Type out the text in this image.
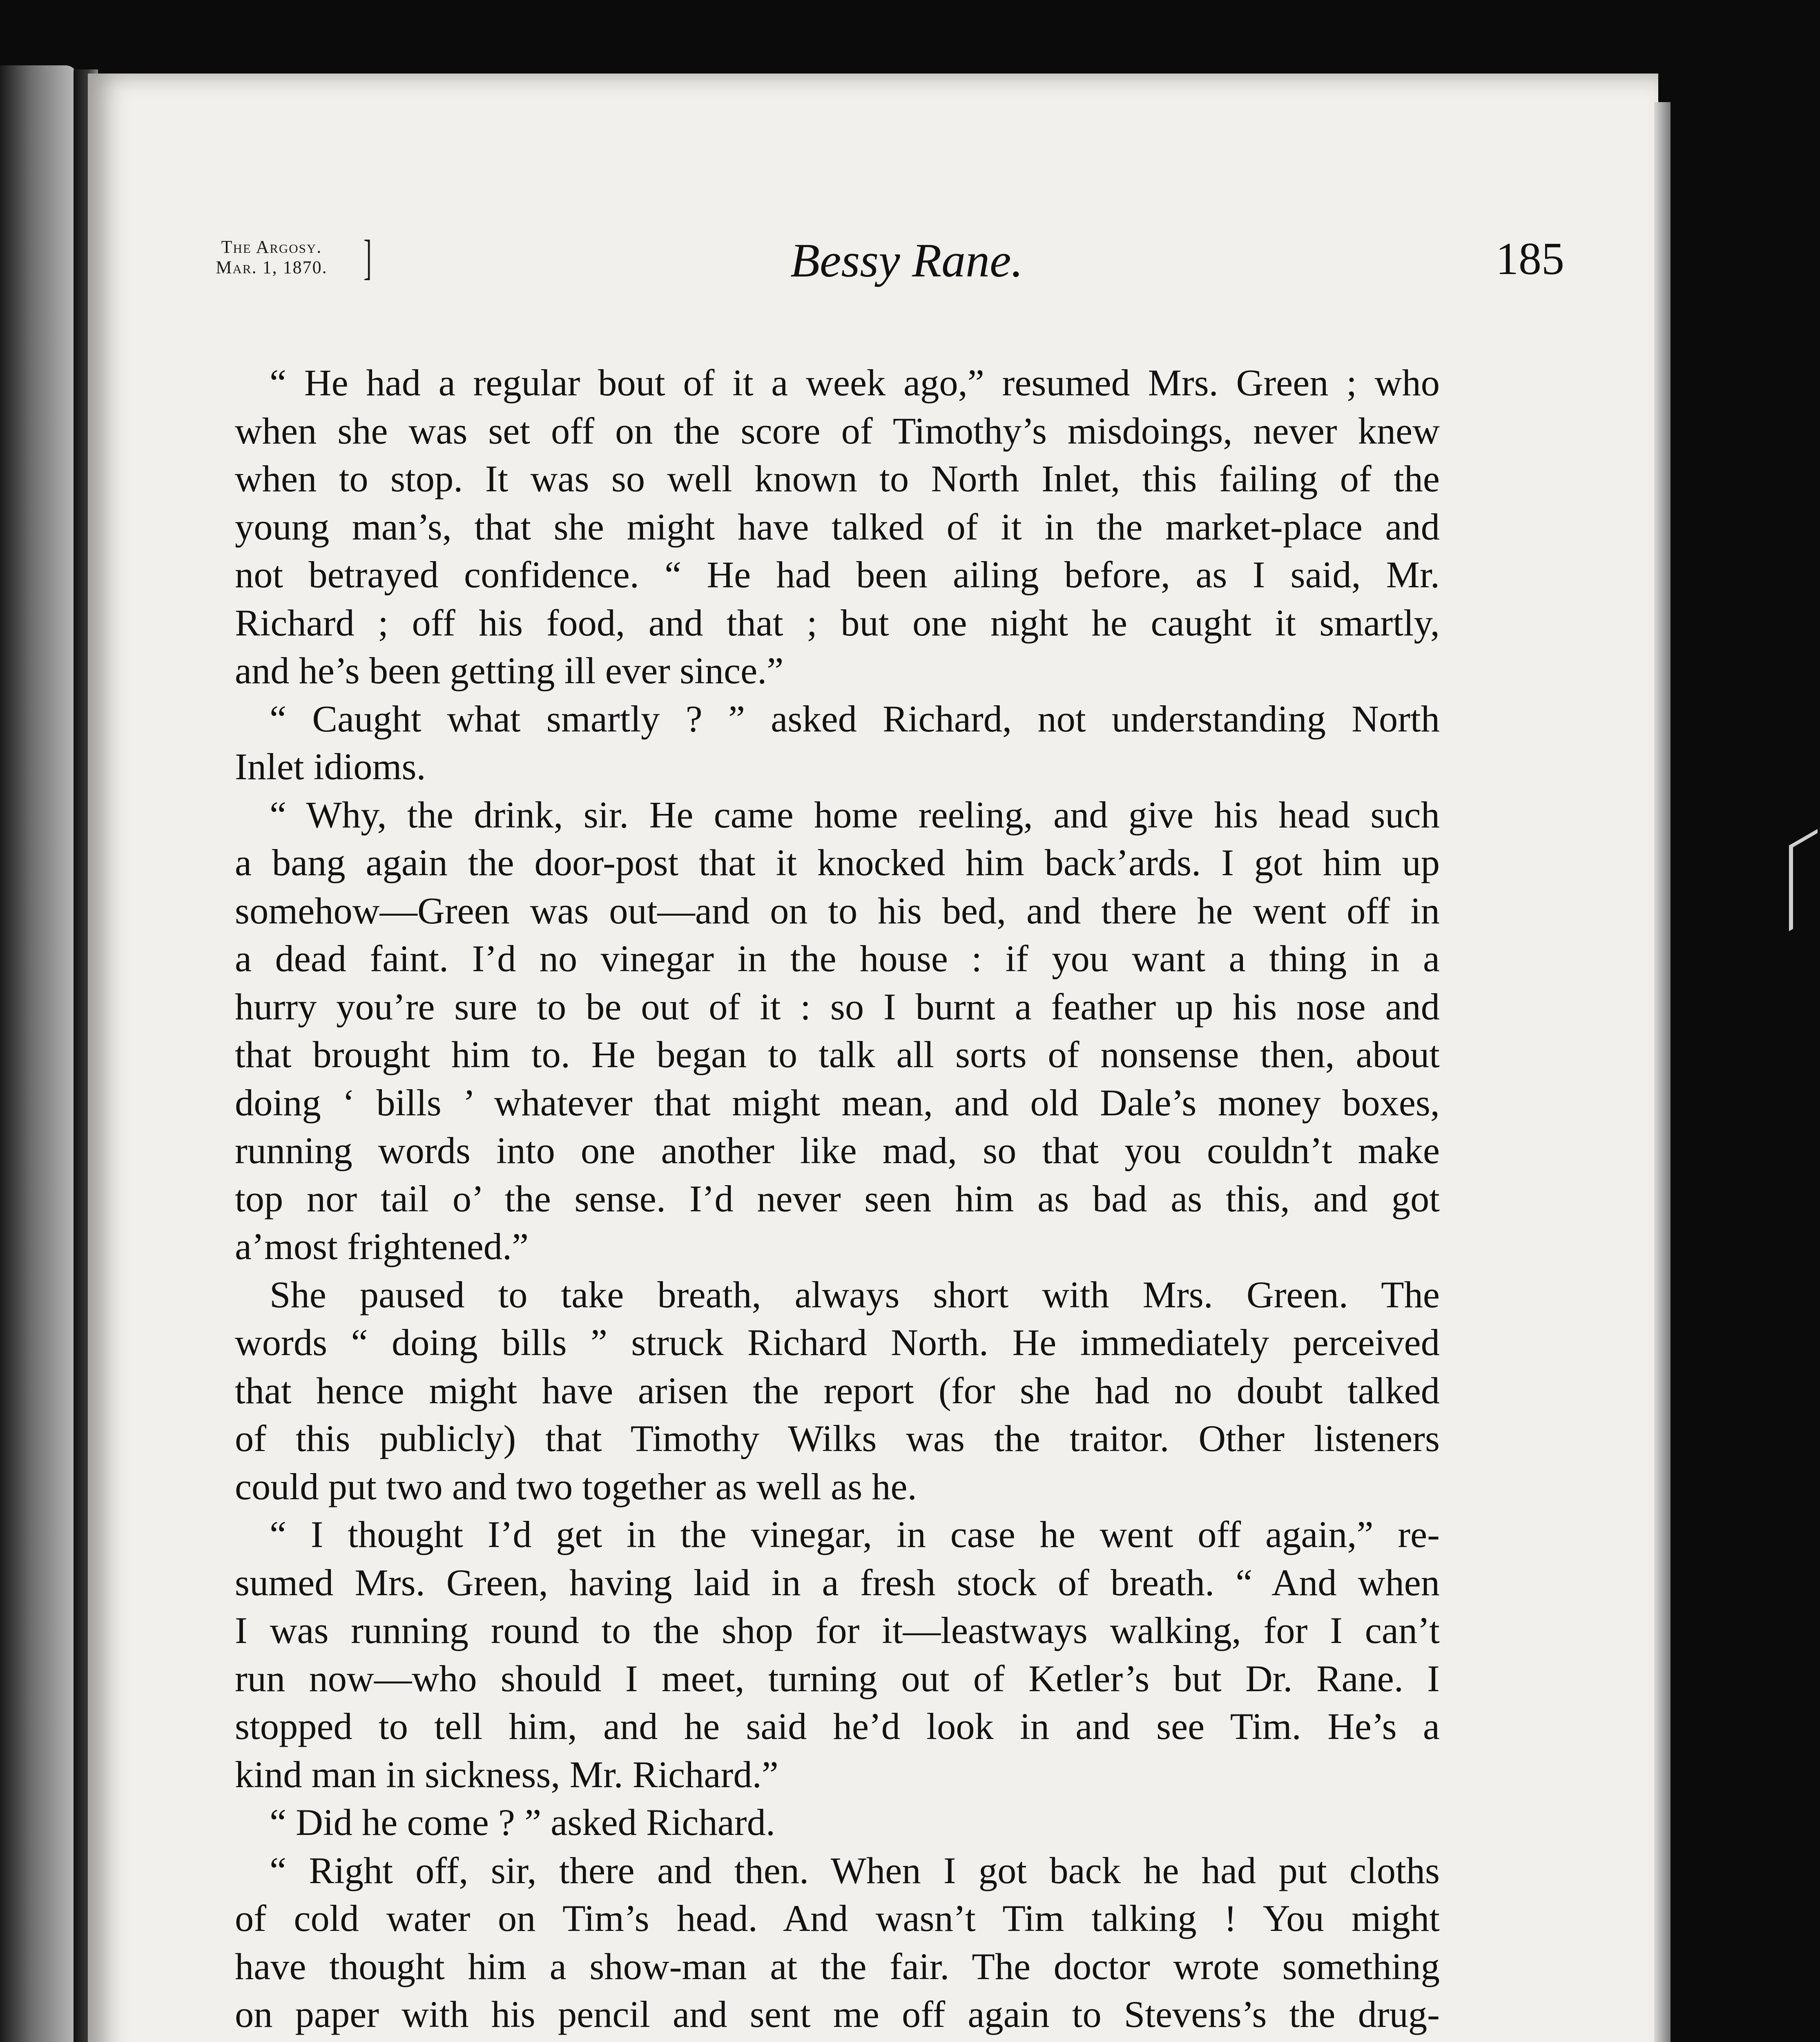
The Argosy.
Mar. 1, 1870. ]	Bessy Rane.	185
“ He had a regular bout of it a week ago,” resumed Mrs. Green ; who
when she was set off on the score of Timothy’s misdoings, never knew
when to stop. It was so well known to North Inlet, this failing of the
young man’s, that she might have talked of it in the market-place and
not betrayed confidence. “ He had been ailing before, as I said, Mr.
Richard ; off his food, and that ; but one night he caught it smartly,
and he’s been getting ill ever since.”
“ Caught what smartly ? ” asked Richard, not understanding North
Inlet idioms.
“ Why, the drink, sir. He came home reeling, and give his head such
a bang again the door-post that it knocked him back’ards. I got him up
somehow—Green was out—and on to his bed, and there he went off in
a dead faint. I’d no vinegar in the house : if you want a thing in a
hurry you’re sure to be out of it : so I burnt a feather up his nose and
that brought him to. He began to talk all sorts of nonsense then, about
doing ‘ bills ’ whatever that might mean, and old Dale’s money boxes,
running words into one another like mad, so that you couldn’t make
top nor tail o’ the sense. I’d never seen him as bad as this, and got
a’most frightened.”
She paused to take breath, always short with Mrs. Green. The
words “ doing bills ” struck Richard North. He immediately perceived
that hence might have arisen the report (for she had no doubt talked
of this publicly) that Timothy Wilks was the traitor. Other listeners
could put two and two together as well as he.
“ I thought I’d get in the vinegar, in case he went off again,” re-
sumed Mrs. Green, having laid in a fresh stock of breath. “ And when
I was running round to the shop for it—leastways walking, for I can’t
run now—who should I meet, turning out of Ketler’s but Dr. Rane. I
stopped to tell him, and he said he’d look in and see Tim. He’s a
kind man in sickness, Mr. Richard.”
“ Did he come ? ” asked Richard.
“ Right off, sir, there and then. When I got back he had put cloths
of cold water on Tim’s head. And wasn’t Tim talking ! You might
have thought him a show-man at the fair. The doctor wrote something
on paper with his pencil and sent me off again to Stevens’s the drug-
